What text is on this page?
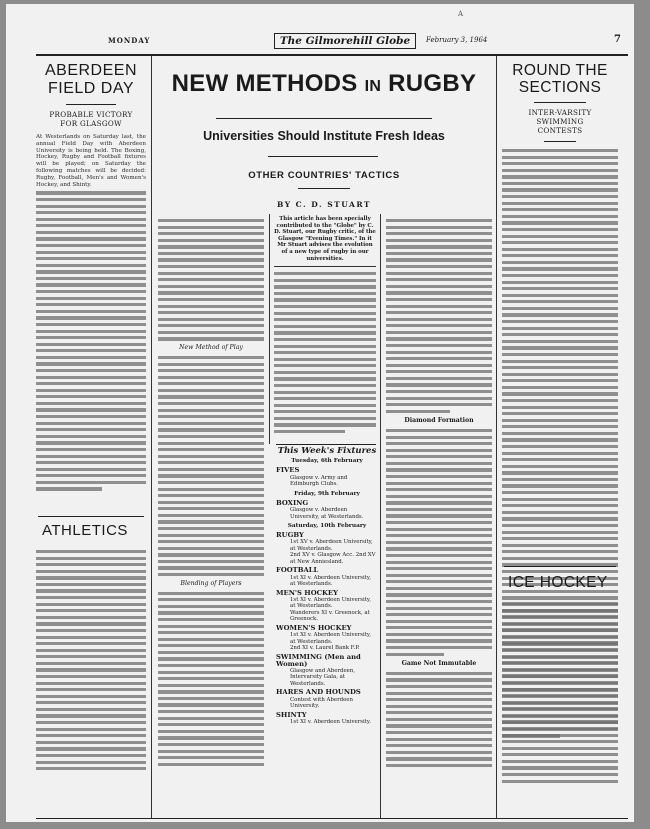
A
MONDAY	The Gilmorehill Globe	February 3, 1964	7
ABERDEEN FIELD DAY
PROBABLE VICTORY FOR GLASGOW
At Westerlands on Saturday last, the annual Field Day with Aberdeen University is being held. The Boxing, Hockey, Rugby and Football fixtures will be played; on Saturday the following matches will be decided: Rugby, Football, Men's and Women's Hockey, and Shinty.
ATHLETICS
NEW METHODS IN RUGBY
Universities Should Institute Fresh Ideas
OTHER COUNTRIES' TACTICS
BY C. D. STUART
New Method of Play
Blending of Players
This article has been specially contributed to the "Globe" by C. D. Stuart, our Rugby critic, of the Glasgow "Evening Times." In it Mr Stuart advises the evolution of a new type of rugby in our universities.
This Week's Fixtures
Tuesday, 6th February
FIVES
Glasgow v. Army and Edinburgh Clubs.
Friday, 9th February
BOXING
Glasgow v. Aberdeen University, at Westerlands.
Saturday, 10th February
RUGBY
1st XV v. Aberdeen University, at Westerlands.
2nd XV v. Glasgow Acc. 2nd XV at New Anniesland.
FOOTBALL
1st XI v. Aberdeen University, at Westerlands.
MEN'S HOCKEY
1st XI v. Aberdeen University, at Westerlands.
Wanderers XI v. Greenock, at Greenock.
WOMEN'S HOCKEY
1st XI v. Aberdeen University, at Westerlands.
2nd XI v. Laurel Bank F.P.
SWIMMING (Men and Women)
Glasgow and Aberdeen, Intervarsity Gala, at Westerlands.
HARES AND HOUNDS
Contest with Aberdeen University.
SHINTY
1st XI v. Aberdeen University.
Diamond Formation
Game Not Immutable
ROUND THE SECTIONS
INTER-VARSITY SWIMMING CONTESTS
ICE HOCKEY
